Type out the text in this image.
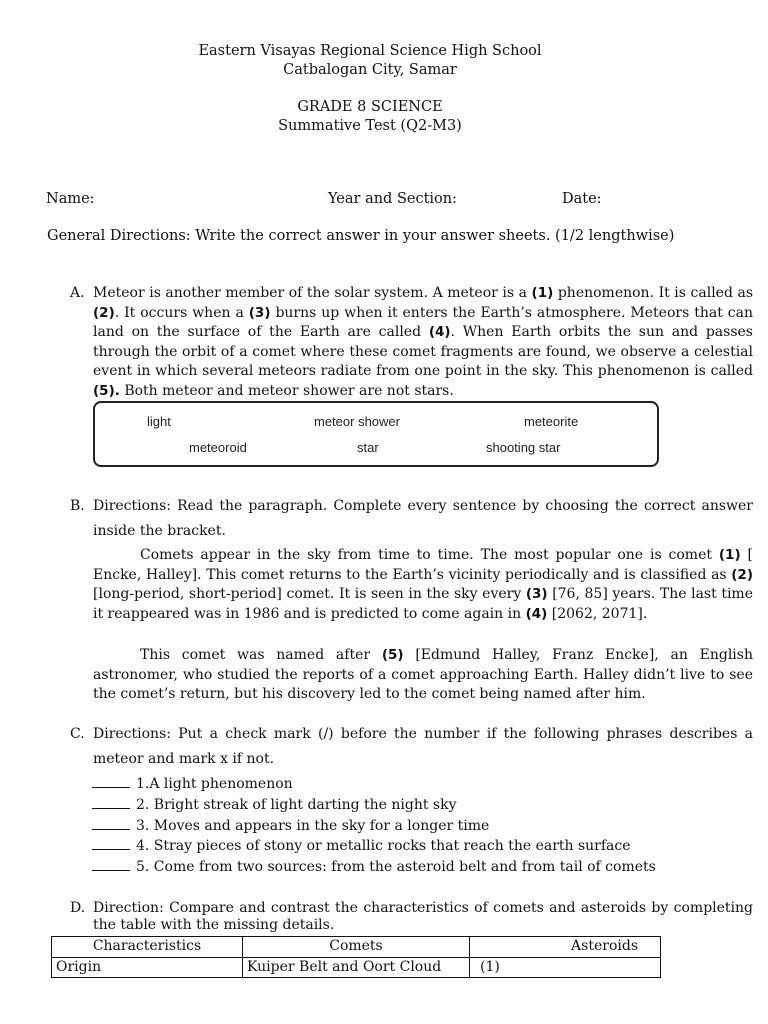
Eastern Visayas Regional Science High School
Catbalogan City, Samar
GRADE 8 SCIENCE
Summative Test (Q2-M3)
Name:	Year and Section:	Date:
General Directions: Write the correct answer in your answer sheets. (1/2 lengthwise)
A. Meteor is another member of the solar system. A meteor is a (1) phenomenon. It is called as (2). It occurs when a (3) burns up when it enters the Earth’s atmosphere. Meteors that can land on the surface of the Earth are called (4). When Earth orbits the sun and passes through the orbit of a comet where these comet fragments are found, we observe a celestial event in which several meteors radiate from one point in the sky. This phenomenon is called (5). Both meteor and meteor shower are not stars.
light	meteor shower	meteorite
meteoroid	star	shooting star
B. Directions: Read the paragraph. Complete every sentence by choosing the correct answer inside the bracket.
Comets appear in the sky from time to time. The most popular one is comet (1) [ Encke, Halley]. This comet returns to the Earth’s vicinity periodically and is classified as (2) [long-period, short-period] comet. It is seen in the sky every (3) [76, 85] years. The last time it reappeared was in 1986 and is predicted to come again in (4) [2062, 2071].
This comet was named after (5) [Edmund Halley, Franz Encke], an English astronomer, who studied the reports of a comet approaching Earth. Halley didn’t live to see the comet’s return, but his discovery led to the comet being named after him.
C. Directions: Put a check mark (/) before the number if the following phrases describes a meteor and mark x if not.
1.A light phenomenon
2. Bright streak of light darting the night sky
3. Moves and appears in the sky for a longer time
4. Stray pieces of stony or metallic rocks that reach the earth surface
5. Come from two sources: from the asteroid belt and from tail of comets
D. Direction: Compare and contrast the characteristics of comets and asteroids by completing the table with the missing details.
Characteristics	Comets	Asteroids
Origin	Kuiper Belt and Oort Cloud	(1)
